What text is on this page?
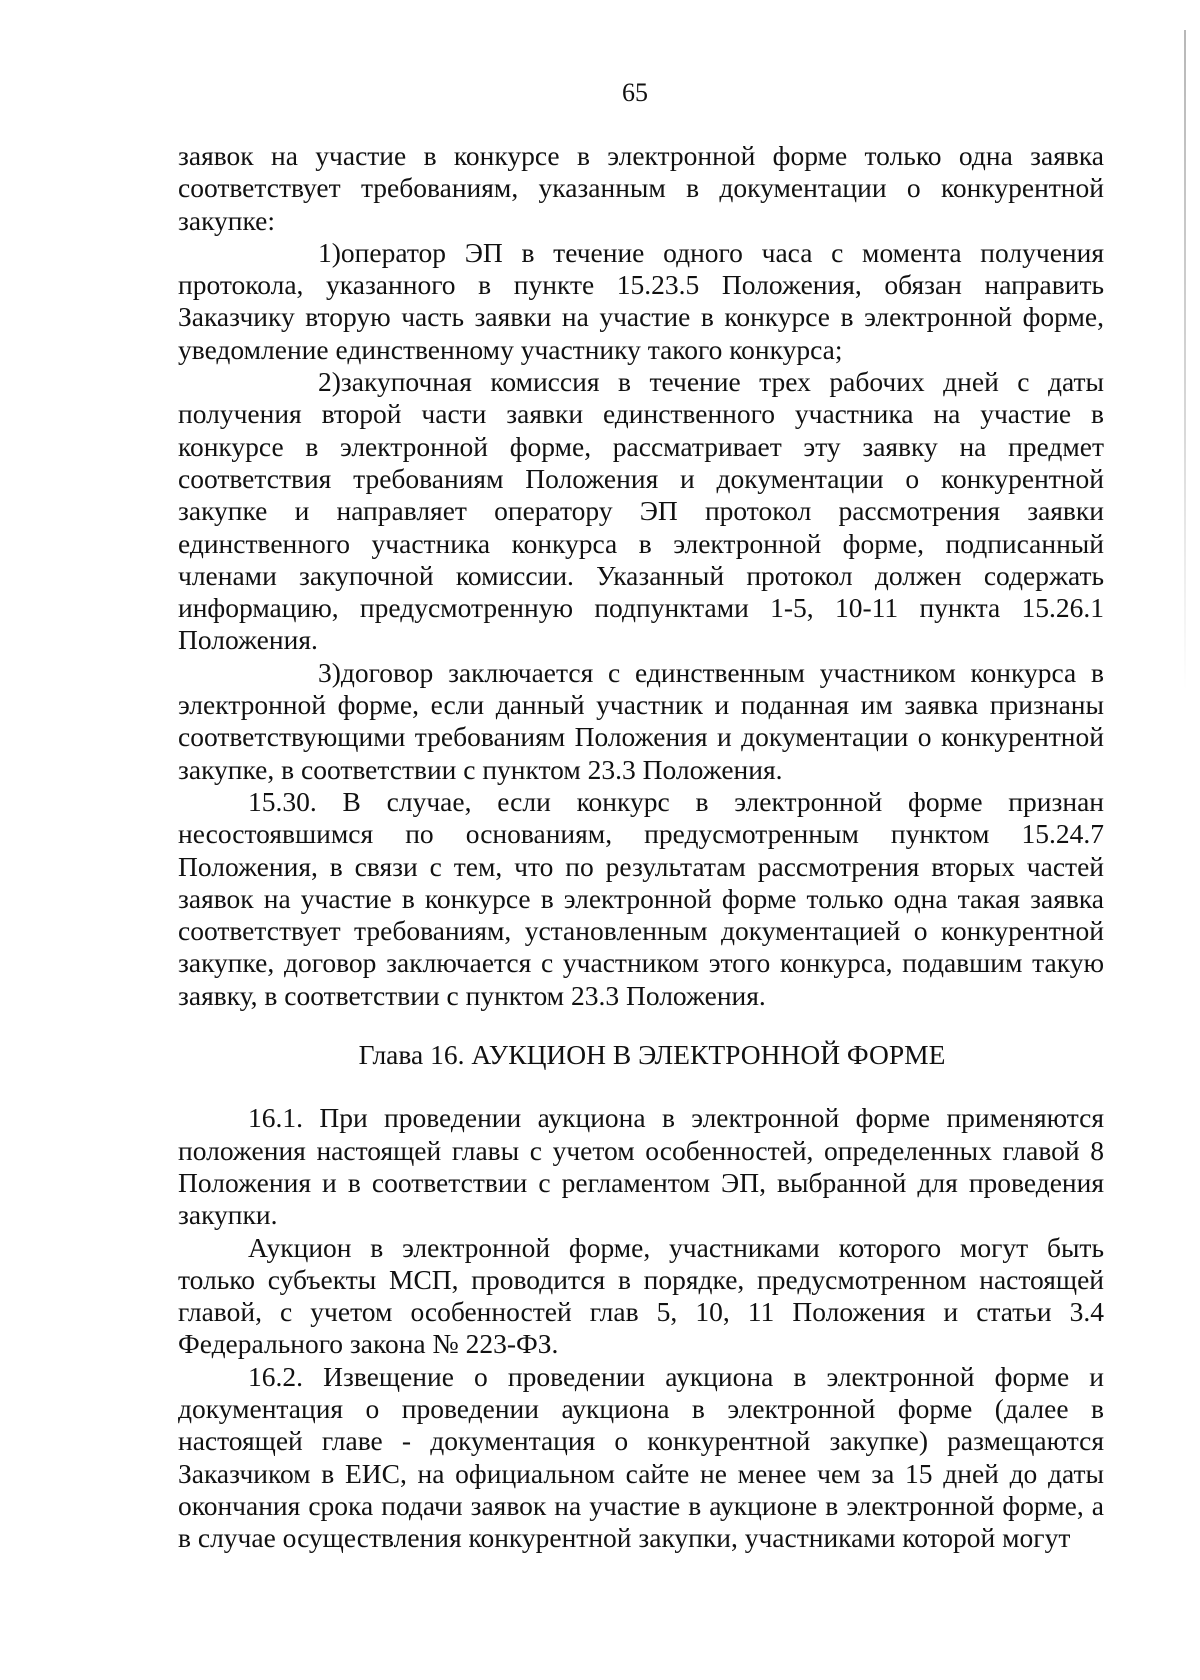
65

заявок на участие в конкурсе в электронной форме только одна заявка соответствует требованиям, указанным в документации о конкурентной закупке:

1)оператор ЭП в течение одного часа с момента получения протокола, указанного в пункте 15.23.5 Положения, обязан направить Заказчику вторую часть заявки на участие в конкурсе в электронной форме, уведомление единственному участнику такого конкурса;

2)закупочная комиссия в течение трех рабочих дней с даты получения второй части заявки единственного участника на участие в конкурсе в электронной форме, рассматривает эту заявку на предмет соответствия требованиям Положения и документации о конкурентной закупке и направляет оператору ЭП протокол рассмотрения заявки единственного участника конкурса в электронной форме, подписанный членами закупочной комиссии. Указанный протокол должен содержать информацию, предусмотренную подпунктами 1-5, 10-11 пункта 15.26.1 Положения.

3)договор заключается с единственным участником конкурса в электронной форме, если данный участник и поданная им заявка признаны соответствующими требованиям Положения и документации о конкурентной закупке, в соответствии с пунктом 23.3 Положения.

15.30. В случае, если конкурс в электронной форме признан несостоявшимся по основаниям, предусмотренным пунктом 15.24.7 Положения, в связи с тем, что по результатам рассмотрения вторых частей заявок на участие в конкурсе в электронной форме только одна такая заявка соответствует требованиям, установленным документацией о конкурентной закупке, договор заключается с участником этого конкурса, подавшим такую заявку, в соответствии с пунктом 23.3 Положения.

Глава 16. АУКЦИОН В ЭЛЕКТРОННОЙ ФОРМЕ

16.1. При проведении аукциона в электронной форме применяются положения настоящей главы с учетом особенностей, определенных главой 8 Положения и в соответствии с регламентом ЭП, выбранной для проведения закупки.

Аукцион в электронной форме, участниками которого могут быть только субъекты МСП, проводится в порядке, предусмотренном настоящей главой, с учетом особенностей глав 5, 10, 11 Положения и статьи 3.4 Федерального закона № 223-ФЗ.

16.2. Извещение о проведении аукциона в электронной форме и документация о проведении аукциона в электронной форме (далее в настоящей главе - документация о конкурентной закупке) размещаются Заказчиком в ЕИС, на официальном сайте не менее чем за 15 дней до даты окончания срока подачи заявок на участие в аукционе в электронной форме, а в случае осуществления конкурентной закупки, участниками которой могут
